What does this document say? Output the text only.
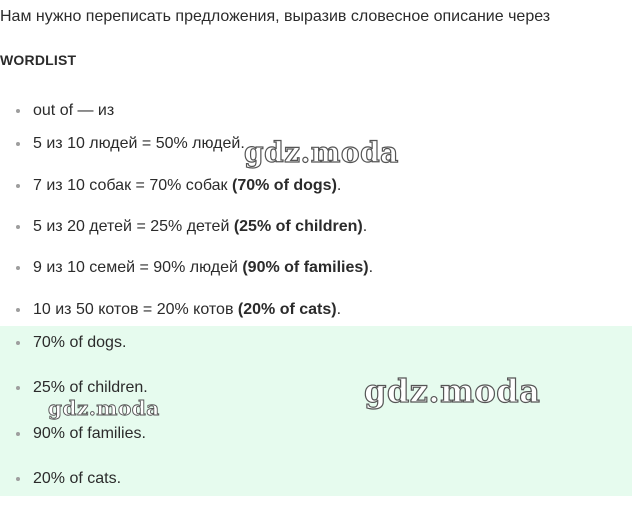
Нам нужно переписать предложения, выразив словесное описание через
WORDLIST
out of — из
5 из 10 людей = 50% людей.
7 из 10 собак = 70% собак (70% of dogs).
5 из 20 детей = 25% детей (25% of children).
9 из 10 семей = 90% людей (90% of families).
10 из 50 котов = 20% котов (20% of cats).
70% of dogs.
25% of children.
90% of families.
20% of cats.
gdz.moda
gdz.moda
gdz.moda
